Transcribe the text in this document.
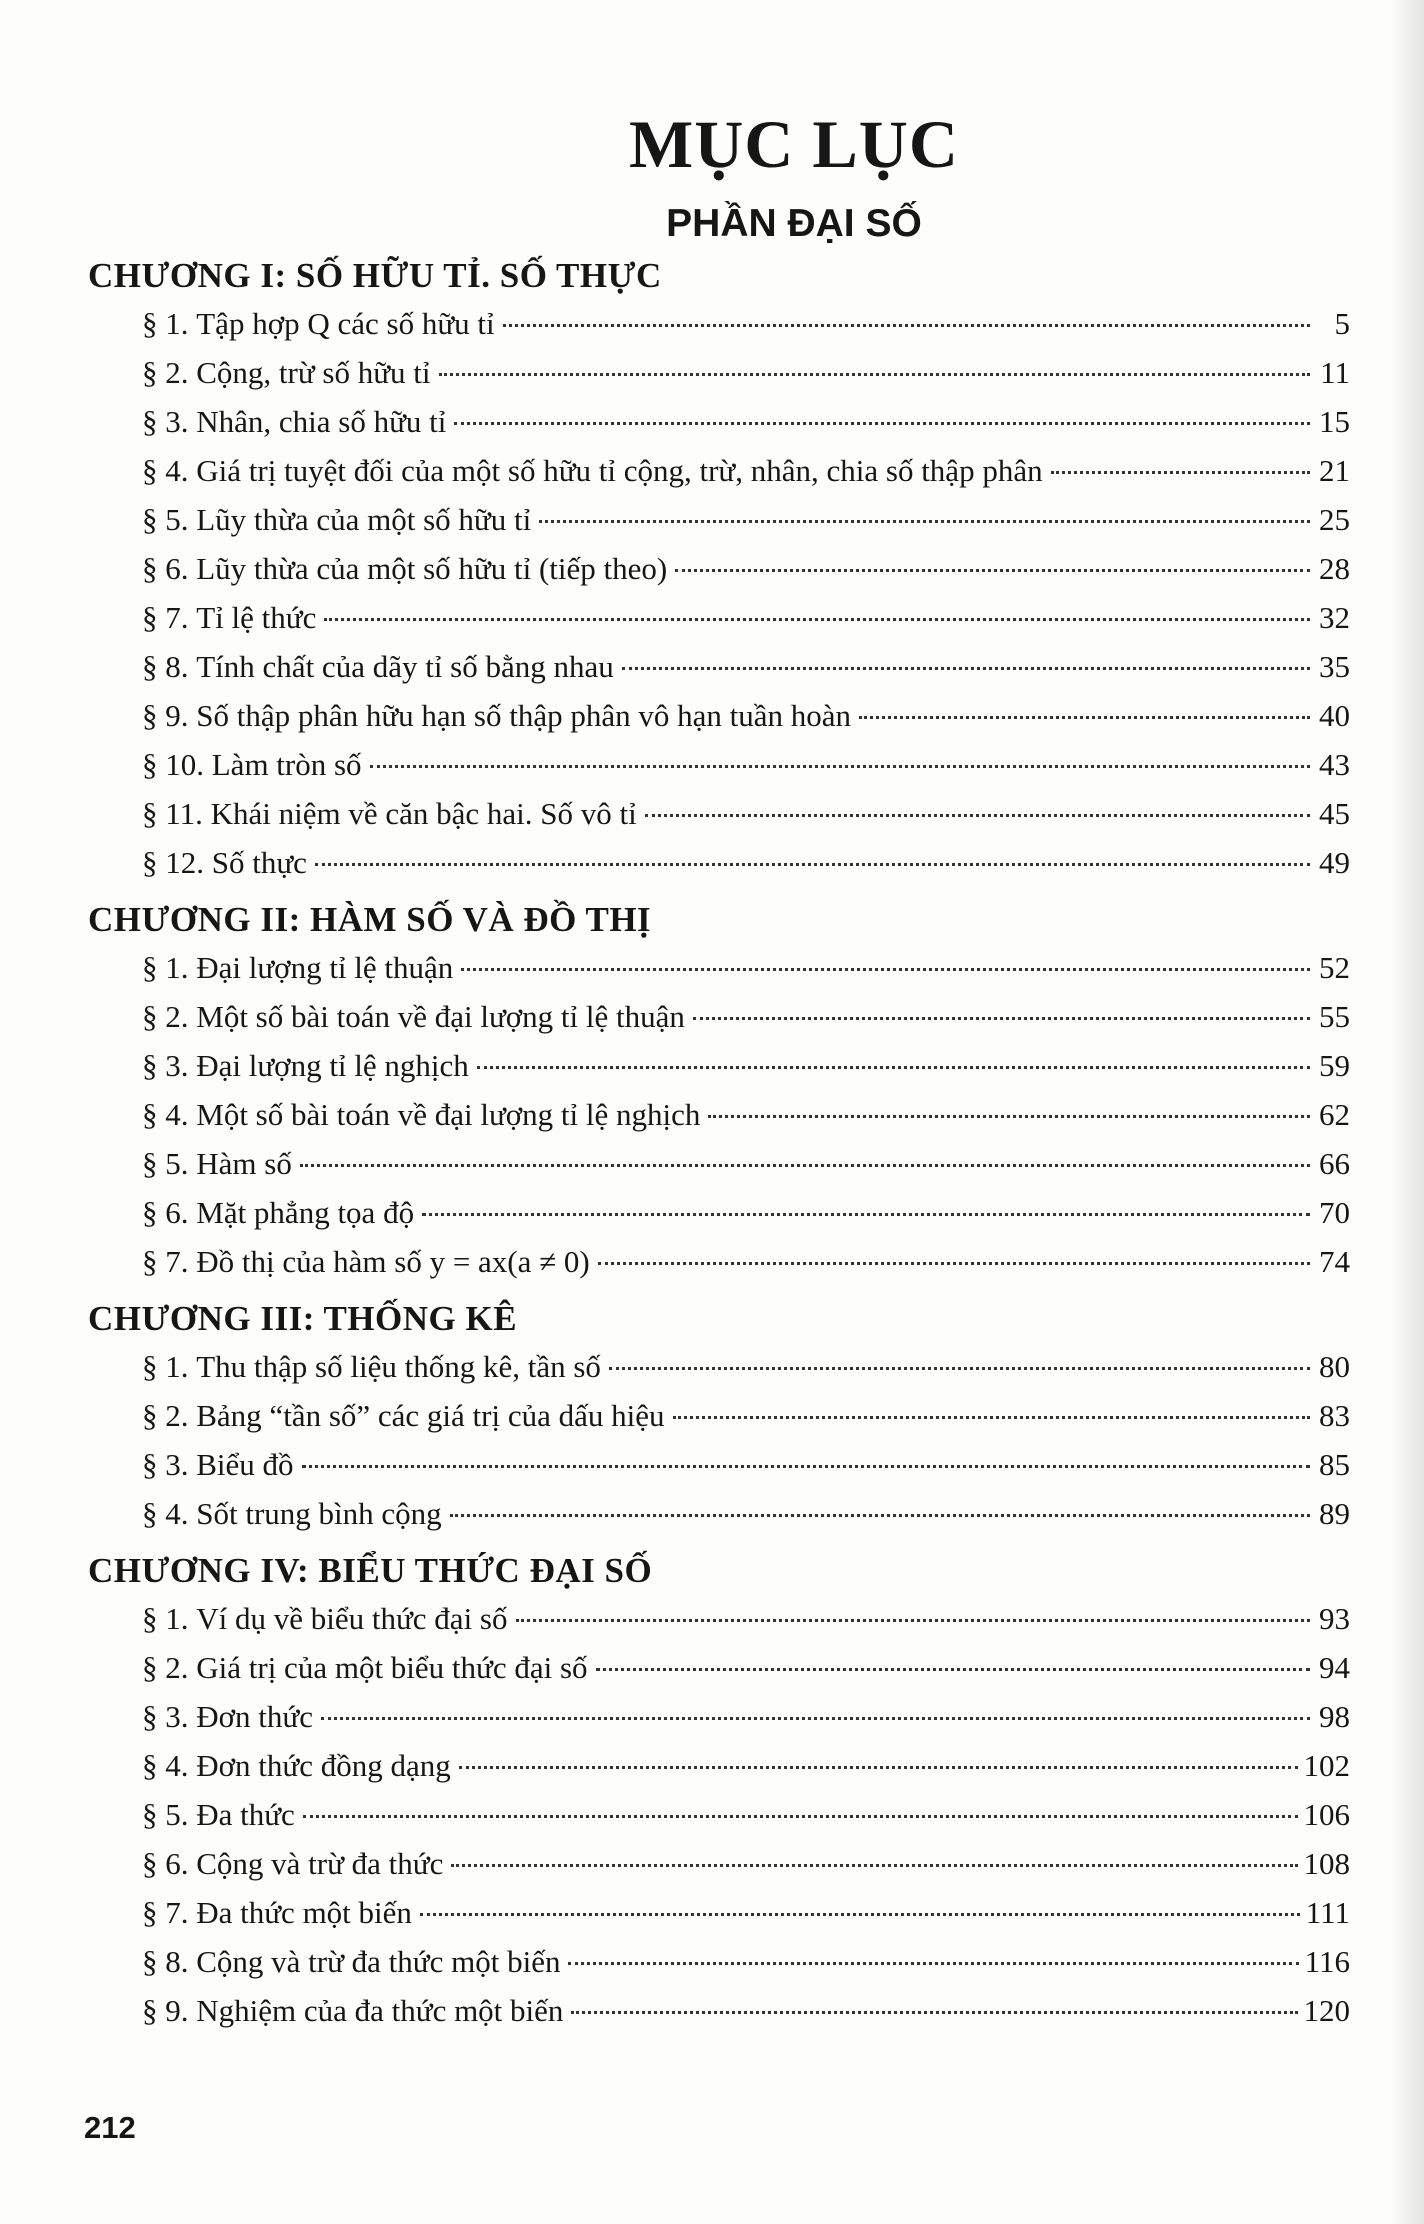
MỤC LỤC
PHẦN ĐẠI SỐ
CHƯƠNG I: SỐ HỮU TỈ. SỐ THỰC
§ 1.
Tập hợp Q các số hữu tỉ	5
§ 2.
Cộng, trừ số hữu tỉ	11
§ 3.
Nhân, chia số hữu tỉ	15
§ 4.
Giá trị tuyệt đối của một số hữu tỉ cộng, trừ, nhân, chia số thập phân	21
§ 5.
Lũy thừa của một số hữu tỉ	25
§ 6.
Lũy thừa của một số hữu tỉ (tiếp theo)	28
§ 7.
Tỉ lệ thức	32
§ 8.
Tính chất của dãy tỉ số bằng nhau	35
§ 9.
Số thập phân hữu hạn số thập phân vô hạn tuần hoàn	40
§ 10.
Làm tròn số	43
§ 11.
Khái niệm về căn bậc hai. Số vô tỉ	45
§ 12.
Số thực	49
CHƯƠNG II: HÀM SỐ VÀ ĐỒ THỊ
§ 1.
Đại lượng tỉ lệ thuận	52
§ 2.
Một số bài toán về đại lượng tỉ lệ thuận	55
§ 3.
Đại lượng tỉ lệ nghịch	59
§ 4.
Một số bài toán về đại lượng tỉ lệ nghịch	62
§ 5.
Hàm số	66
§ 6.
Mặt phẳng tọa độ	70
§ 7.
Đồ thị của hàm số y = ax(a ≠ 0)	74
CHƯƠNG III: THỐNG KÊ
§ 1.
Thu thập số liệu thống kê, tần số	80
§ 2.
Bảng “tần số” các giá trị của dấu hiệu	83
§ 3.
Biểu đồ	85
§ 4.
Sốt trung bình cộng	89
CHƯƠNG IV: BIỂU THỨC ĐẠI SỐ
§ 1.
Ví dụ về biểu thức đại số	93
§ 2.
Giá trị của một biểu thức đại số	94
§ 3.
Đơn thức	98
§ 4.
Đơn thức đồng dạng	102
§ 5.
Đa thức	106
§ 6.
Cộng và trừ đa thức	108
§ 7.
Đa thức một biến	111
§ 8.
Cộng và trừ đa thức một biến	116
§ 9.
Nghiệm của đa thức một biến	120
212
